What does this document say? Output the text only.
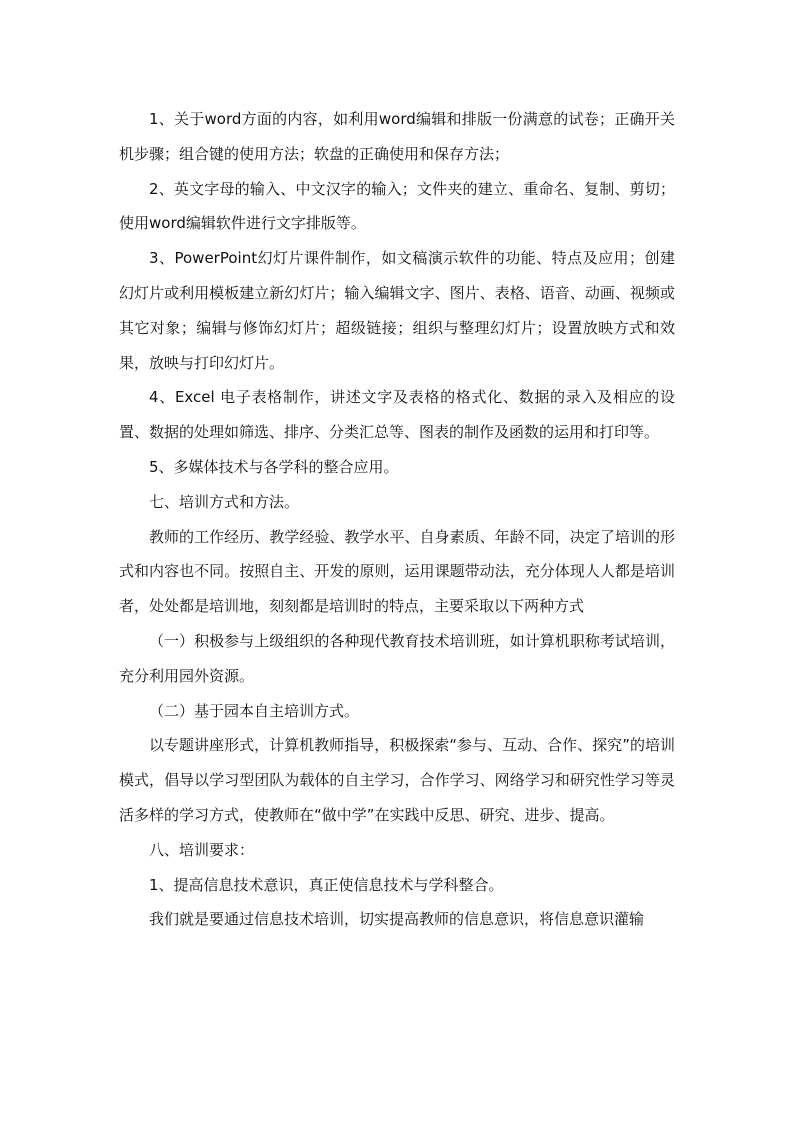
1、关于word方面的内容，如利用word编辑和排版一份满意的试卷；正确开关机步骤；组合键的使用方法；软盘的正确使用和保存方法；

2、英文字母的输入、中文汉字的输入；文件夹的建立、重命名、复制、剪切；使用word编辑软件进行文字排版等。

3、PowerPoint幻灯片课件制作，如文稿演示软件的功能、特点及应用；创建幻灯片或利用模板建立新幻灯片；输入编辑文字、图片、表格、语音、动画、视频或其它对象；编辑与修饰幻灯片；超级链接；组织与整理幻灯片；设置放映方式和效果，放映与打印幻灯片。

4、Excel 电子表格制作，讲述文字及表格的格式化、数据的录入及相应的设置、数据的处理如筛选、排序、分类汇总等、图表的制作及函数的运用和打印等。

5、多媒体技术与各学科的整合应用。

七、培训方式和方法。

教师的工作经历、教学经验、教学水平、自身素质、年龄不同，决定了培训的形式和内容也不同。按照自主、开发的原则，运用课题带动法，充分体现人人都是培训者，处处都是培训地，刻刻都是培训时的特点，主要采取以下两种方式

（一）积极参与上级组织的各种现代教育技术培训班，如计算机职称考试培训，充分利用园外资源。

（二）基于园本自主培训方式。

以专题讲座形式，计算机教师指导，积极探索“参与、互动、合作、探究”的培训模式，倡导以学习型团队为载体的自主学习，合作学习、网络学习和研究性学习等灵活多样的学习方式，使教师在“做中学”在实践中反思、研究、进步、提高。

八、培训要求：

1、提高信息技术意识，真正使信息技术与学科整合。

我们就是要通过信息技术培训，切实提高教师的信息意识，将信息意识灌输
